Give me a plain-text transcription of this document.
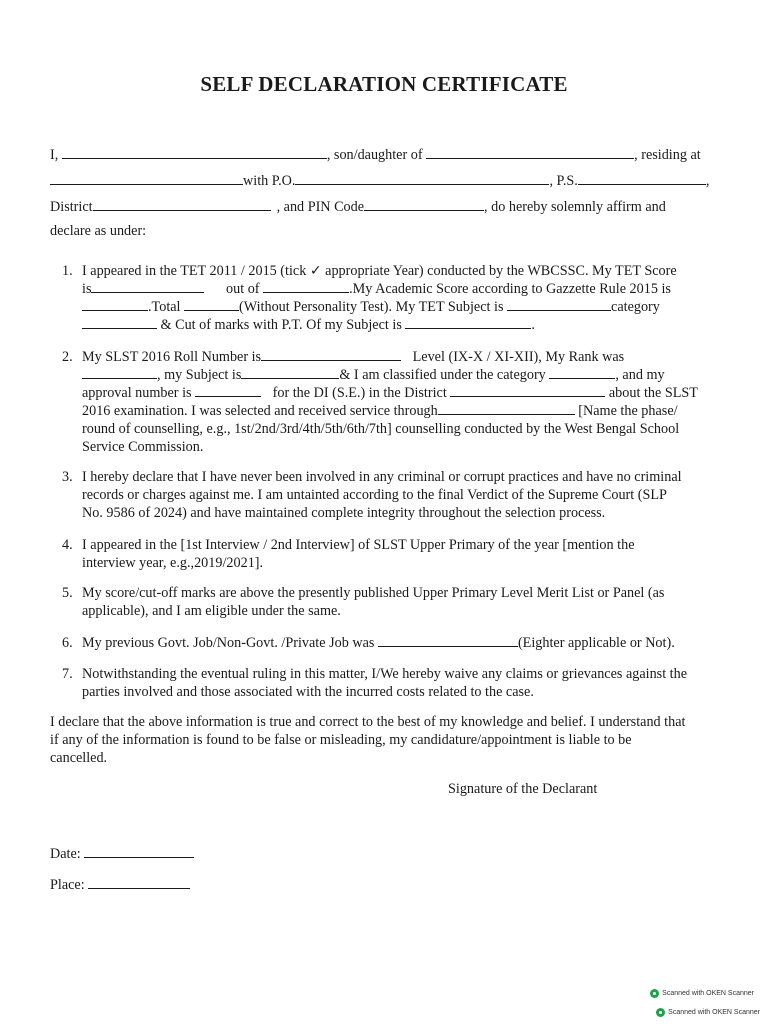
SELF DECLARATION CERTIFICATE
I,	, son/daughter of	, residing at
with P.O.	, P.S.	,
District	, and PIN Code	, do hereby solemnly affirm and
declare as under:
1. I appeared in the TET 2011 / 2015 (tick ✓ appropriate Year) conducted by the WBCSSC. My TET Score
is	out of	.My Academic Score according to Gazzette Rule 2015 is
.Total	(Without Personality Test). My TET Subject is	category
& Cut of marks with P.T. Of my Subject is	.
2. My SLST 2016 Roll Number is	Level (IX-X / XI-XII), My Rank was
, my Subject is	& I am classified under the category	, and my
approval number is	for the DI (S.E.) in the District	about the SLST
2016 examination. I was selected and received service through	[Name the phase/
round of counselling, e.g., 1st/2nd/3rd/4th/5th/6th/7th] counselling conducted by the West Bengal School
Service Commission.
3. I hereby declare that I have never been involved in any criminal or corrupt practices and have no criminal
records or charges against me. I am untainted according to the final Verdict of the Supreme Court (SLP
No. 9586 of 2024) and have maintained complete integrity throughout the selection process.
4. I appeared in the [1st Interview / 2nd Interview] of SLST Upper Primary of the year [mention the
interview year, e.g.,2019/2021].
5. My score/cut-off marks are above the presently published Upper Primary Level Merit List or Panel (as
applicable), and I am eligible under the same.
6. My previous Govt. Job/Non-Govt. /Private Job was	(Eighter applicable or Not).
7. Notwithstanding the eventual ruling in this matter, I/We hereby waive any claims or grievances against the
parties involved and those associated with the incurred costs related to the case.
I declare that the above information is true and correct to the best of my knowledge and belief. I understand that
if any of the information is found to be false or misleading, my candidature/appointment is liable to be
cancelled.
Signature of the Declarant
Date:
Place:
Scanned with OKEN Scanner
Scanned with OKEN Scanner
